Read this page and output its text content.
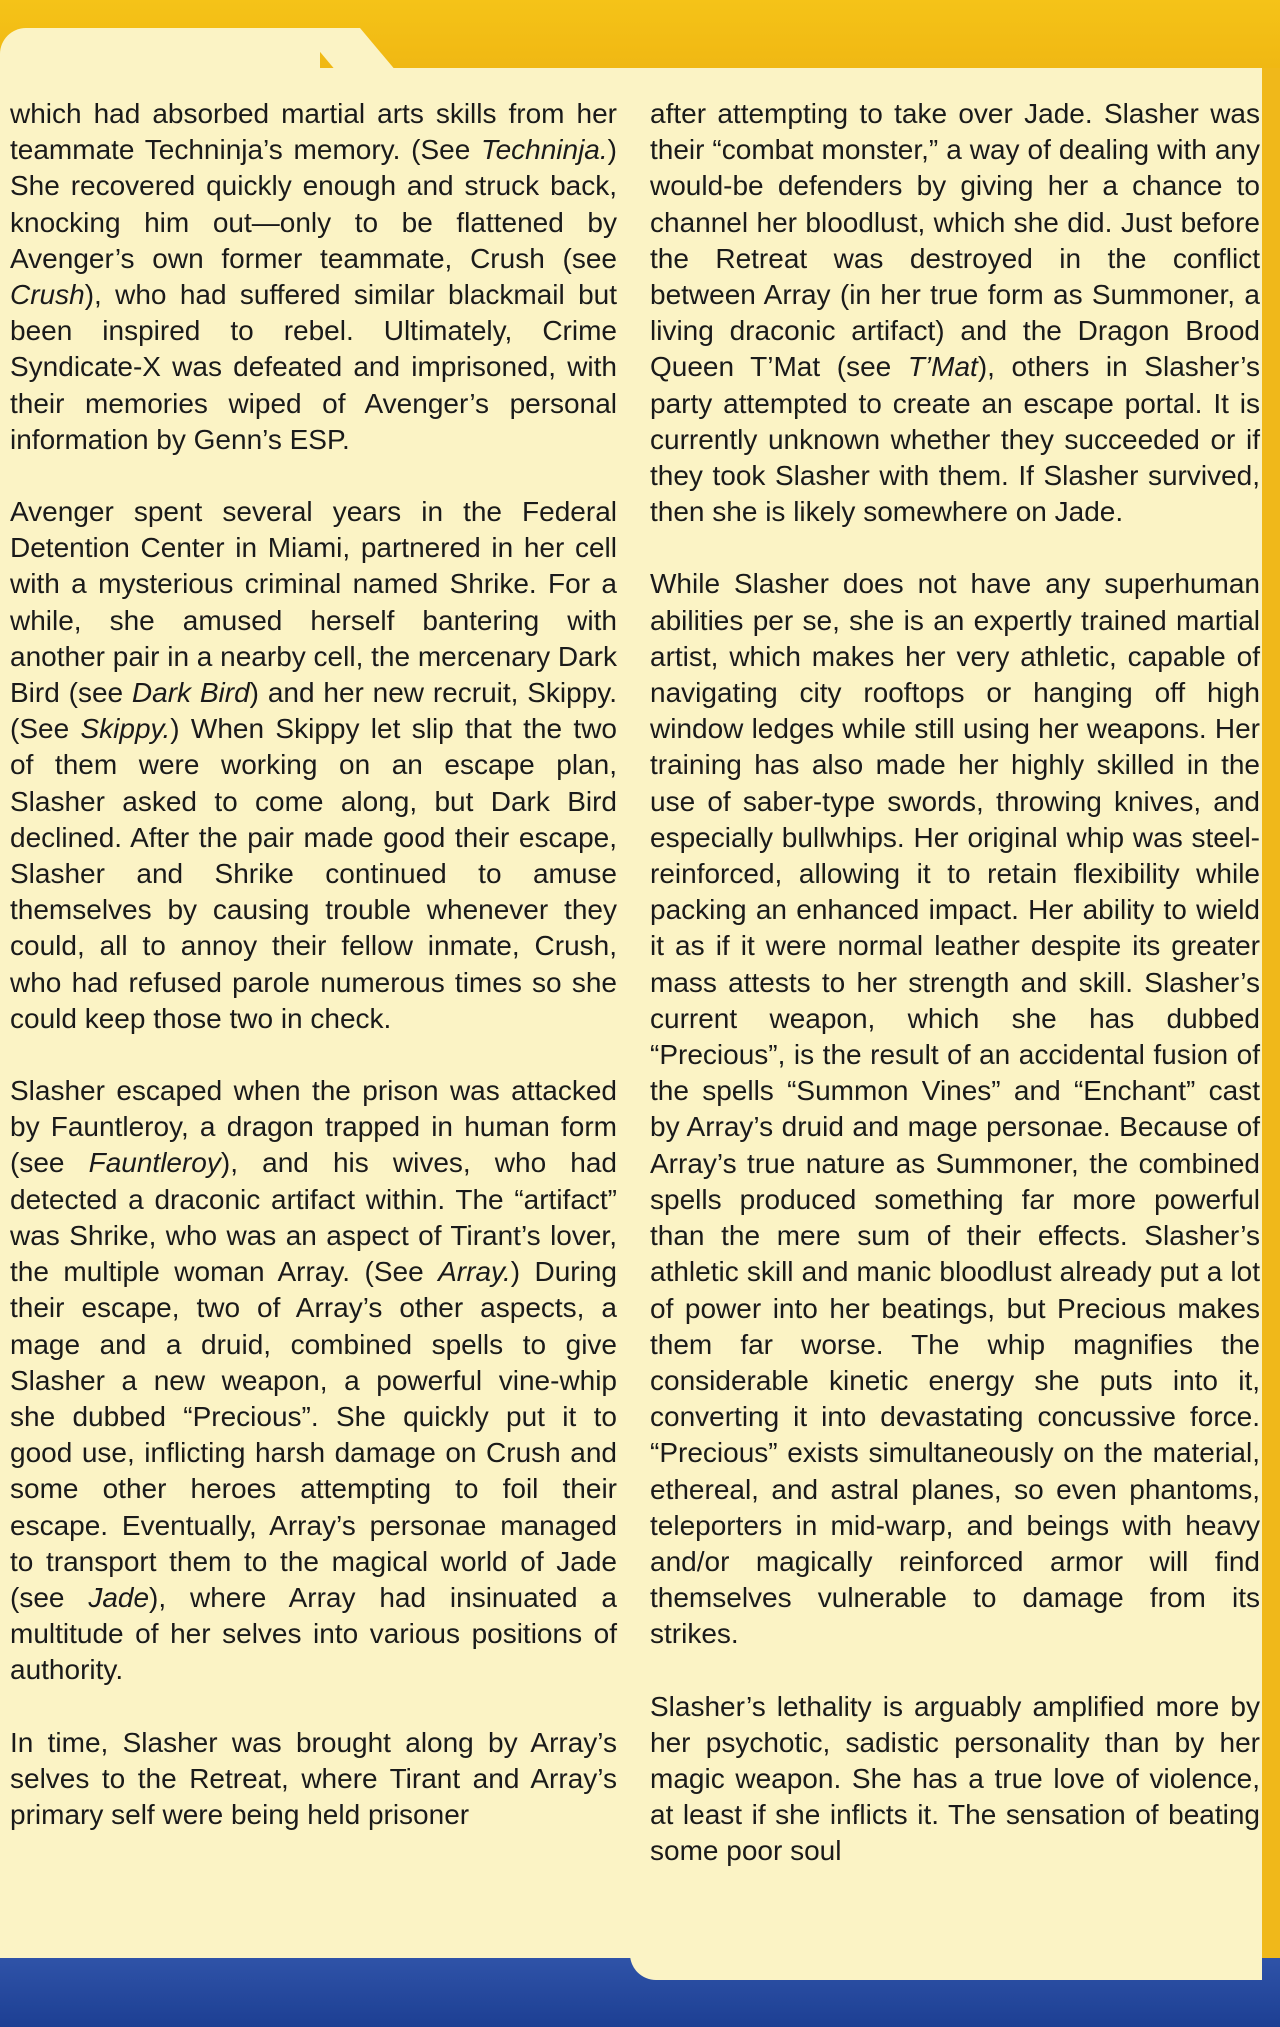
which had absorbed martial arts skills from her teammate Techninja’s memory. (See Techninja.) She recovered quickly enough and struck back, knocking him out—only to be flattened by Avenger’s own former teammate, Crush (see Crush), who had suffered similar blackmail but been inspired to rebel. Ultimately, Crime Syndicate-X was defeated and imprisoned, with their memories wiped of Avenger’s personal information by Genn’s ESP.

Avenger spent several years in the Federal Detention Center in Miami, partnered in her cell with a mysterious criminal named Shrike. For a while, she amused herself bantering with another pair in a nearby cell, the mercenary Dark Bird (see Dark Bird) and her new recruit, Skippy. (See Skippy.) When Skippy let slip that the two of them were working on an escape plan, Slasher asked to come along, but Dark Bird declined. After the pair made good their escape, Slasher and Shrike continued to amuse themselves by causing trouble whenever they could, all to annoy their fellow inmate, Crush, who had refused parole numerous times so she could keep those two in check.

Slasher escaped when the prison was attacked by Fauntleroy, a dragon trapped in human form (see Fauntleroy), and his wives, who had detected a draconic artifact within. The “artifact” was Shrike, who was an aspect of Tirant’s lover, the multiple woman Array. (See Array.) During their escape, two of Array’s other aspects, a mage and a druid, combined spells to give Slasher a new weapon, a powerful vine-whip she dubbed “Precious”. She quickly put it to good use, inflicting harsh damage on Crush and some other heroes attempting to foil their escape. Eventually, Array’s personae managed to transport them to the magical world of Jade (see Jade), where Array had insinuated a multitude of her selves into various positions of authority.

In time, Slasher was brought along by Array’s selves to the Retreat, where Tirant and Array’s primary self were being held prisoner

after attempting to take over Jade. Slasher was their “combat monster,” a way of dealing with any would-be defenders by giving her a chance to channel her bloodlust, which she did. Just before the Retreat was destroyed in the conflict between Array (in her true form as Summoner, a living draconic artifact) and the Dragon Brood Queen T’Mat (see T’Mat), others in Slasher’s party attempted to create an escape portal. It is currently unknown whether they succeeded or if they took Slasher with them. If Slasher survived, then she is likely somewhere on Jade.

While Slasher does not have any superhuman abilities per se, she is an expertly trained martial artist, which makes her very athletic, capable of navigating city rooftops or hanging off high window ledges while still using her weapons. Her training has also made her highly skilled in the use of saber-type swords, throwing knives, and especially bullwhips. Her original whip was steel-reinforced, allowing it to retain flexibility while packing an enhanced impact. Her ability to wield it as if it were normal leather despite its greater mass attests to her strength and skill. Slasher’s current weapon, which she has dubbed “Precious”, is the result of an accidental fusion of the spells “Summon Vines” and “Enchant” cast by Array’s druid and mage personae. Because of Array’s true nature as Summoner, the combined spells produced something far more powerful than the mere sum of their effects. Slasher’s athletic skill and manic bloodlust already put a lot of power into her beatings, but Precious makes them far worse. The whip magnifies the considerable kinetic energy she puts into it, converting it into devastating concussive force. “Precious” exists simultaneously on the material, ethereal, and astral planes, so even phantoms, teleporters in mid-warp, and beings with heavy and/or magically reinforced armor will find themselves vulnerable to damage from its strikes.

Slasher’s lethality is arguably amplified more by her psychotic, sadistic personality than by her magic weapon. She has a true love of violence, at least if she inflicts it. The sensation of beating some poor soul
